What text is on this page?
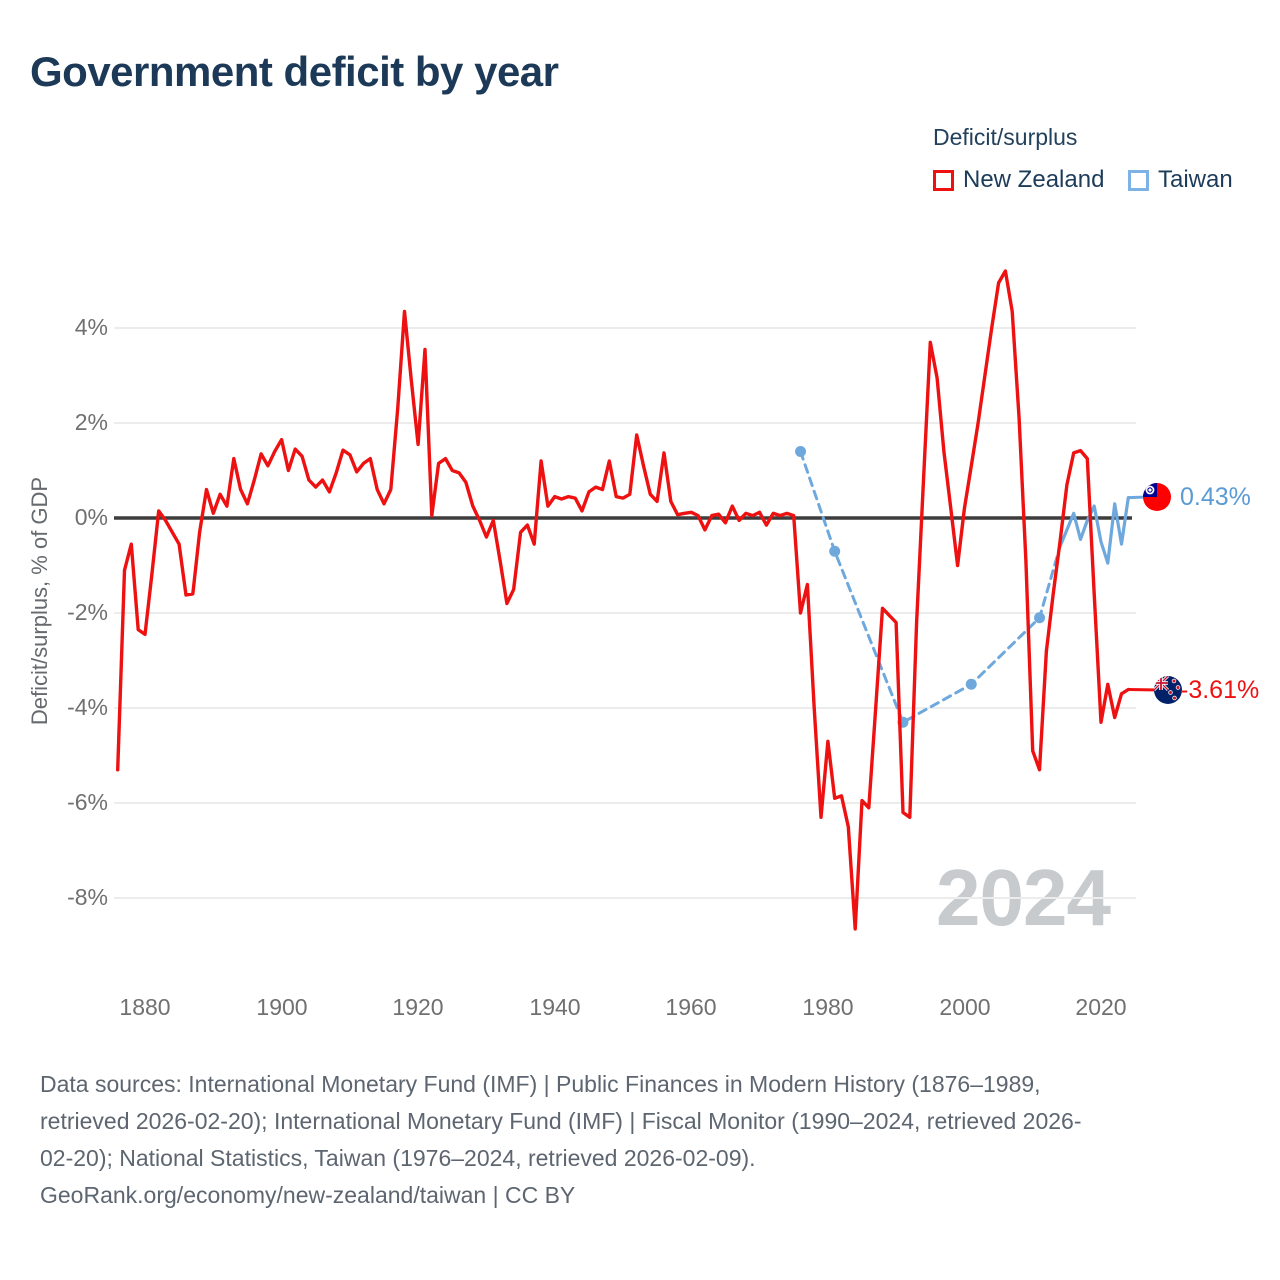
2024
Government deficit by year
Deficit/surplus
New Zealand Taiwan
Deficit/surplus, % of GDP
4%
2%
0%
-2%
-4%
-6%
-8%
1880	1900	1920	1940	1960	1980	2000	2020
0.43%
-3.61%
Data sources: International Monetary Fund (IMF) | Public Finances in Modern History (1876–1989,
retrieved 2026-02-20); International Monetary Fund (IMF) | Fiscal Monitor (1990–2024, retrieved 2026-
02-20); National Statistics, Taiwan (1976–2024, retrieved 2026-02-09).
GeoRank.org/economy/new-zealand/taiwan | CC BY
